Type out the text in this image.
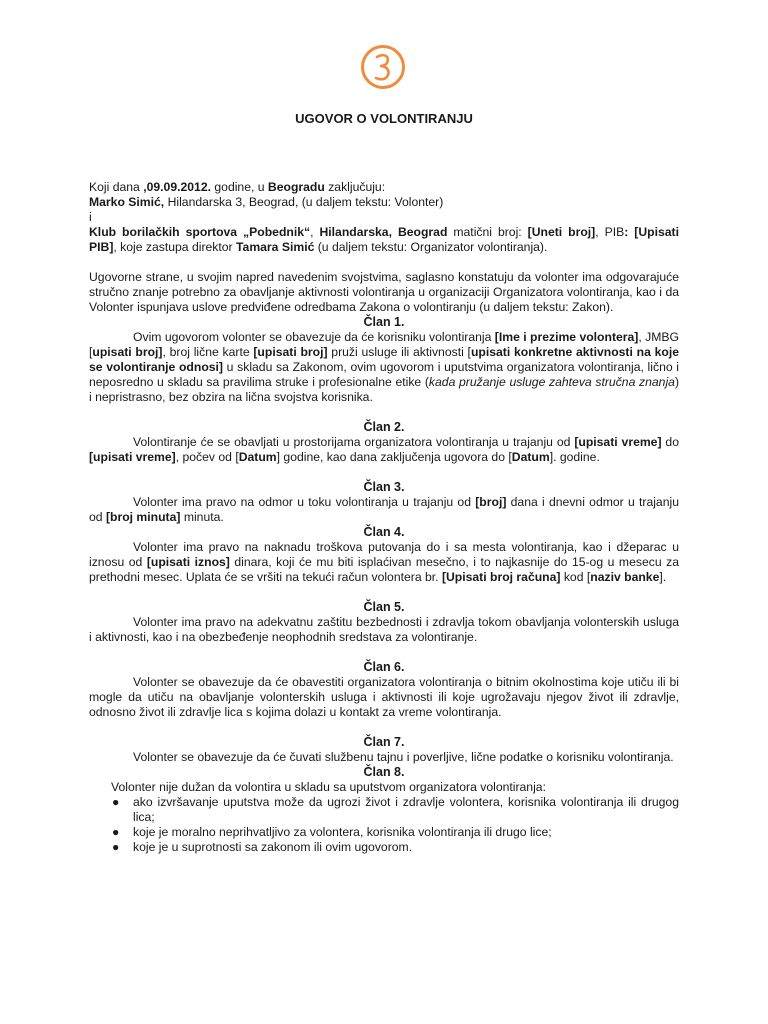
UGOVOR O VOLONTIRANJU

Koji dana ,09.09.2012. godine, u Beogradu zaključuju:

Marko Simić, Hilandarska 3, Beograd, (u daljem tekstu: Volonter)

i

Klub borilačkih sportova „Pobednik“, Hilandarska, Beograd matični broj: [Uneti broj], PIB: [Upisati PIB], koje zastupa direktor Tamara Simić (u daljem tekstu: Organizator volontiranja).

Ugovorne strane, u svojim napred navedenim svojstvima, saglasno konstatuju da volonter ima odgovarajuće stručno znanje potrebno za obavljanje aktivnosti volontiranja u organizaciji Organizatora volontiranja, kao i da Volonter ispunjava uslove predviđene odredbama Zakona o volontiranju (u daljem tekstu: Zakon).

Član 1.

Ovim ugovorom volonter se obavezuje da će korisniku volontiranja [Ime i prezime volontera], JMBG [upisati broj], broj lične karte [upisati broj] pruži usluge ili aktivnosti [upisati konkretne aktivnosti na koje se volontiranje odnosi] u skladu sa Zakonom, ovim ugovorom i uputstvima organizatora volontiranja, lično i neposredno u skladu sa pravilima struke i profesionalne etike (kada pružanje usluge zahteva stručna znanja) i nepristrasno, bez obzira na lična svojstva korisnika.

Član 2.

Volontiranje će se obavljati u prostorijama organizatora volontiranja u trajanju od [upisati vreme] do [upisati vreme], počev od [Datum] godine, kao dana zaključenja ugovora do [Datum]. godine.

Član 3.

Volonter ima pravo na odmor u toku volontiranja u trajanju od [broj] dana i dnevni odmor u trajanju od [broj minuta] minuta.

Član 4.

Volonter ima pravo na naknadu troškova putovanja do i sa mesta volontiranja, kao i džeparac u iznosu od [upisati iznos] dinara, koji će mu biti isplaćivan mesečno, i to najkasnije do 15-og u mesecu za prethodni mesec. Uplata će se vršiti na tekući račun volontera br. [Upisati broj računa] kod [naziv banke].

Član 5.

Volonter ima pravo na adekvatnu zaštitu bezbednosti i zdravlja tokom obavljanja volonterskih usluga i aktivnosti, kao i na obezbeđenje neophodnih sredstava za volontiranje.

Član 6.

Volonter se obavezuje da će obavestiti organizatora volontiranja o bitnim okolnostima koje utiču ili bi mogle da utiču na obavljanje volonterskih usluga i aktivnosti ili koje ugrožavaju njegov život ili zdravlje, odnosno život ili zdravlje lica s kojima dolazi u kontakt za vreme volontiranja.

Član 7.

Volonter se obavezuje da će čuvati službenu tajnu i poverljive, lične podatke o korisniku volontiranja.

Član 8.

Volonter nije dužan da volontira u skladu sa uputstvom organizatora volontiranja:

● ako izvršavanje uputstva može da ugrozi život i zdravlje volontera, korisnika volontiranja ili drugog lica;
● koje je moralno neprihvatljivo za volontera, korisnika volontiranja ili drugo lice;
● koje je u suprotnosti sa zakonom ili ovim ugovorom.
